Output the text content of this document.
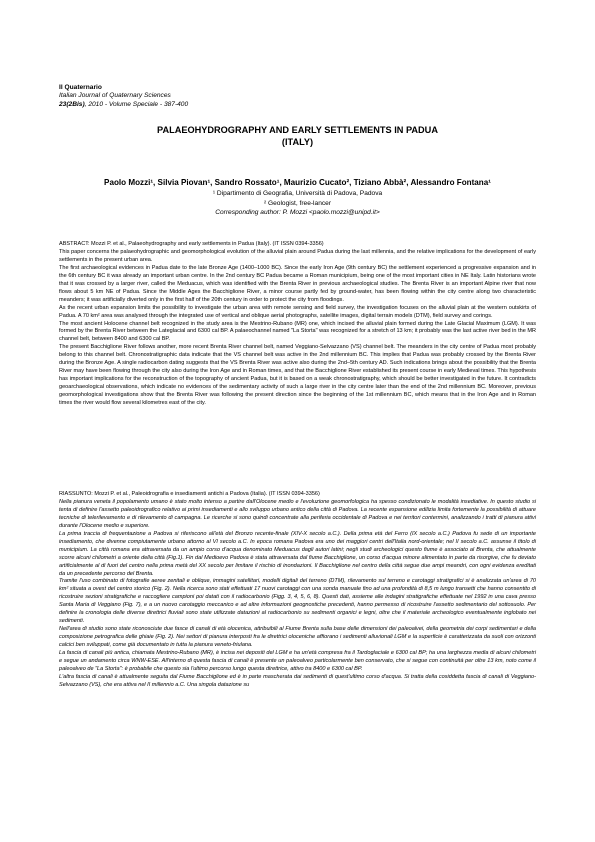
Il Quaternario
Italian Journal of Quaternary Sciences
23(2Bis), 2010 - Volume Speciale - 387-400
PALAEOHYDROGRAPHY AND EARLY SETTLEMENTS IN PADUA
(ITALY)
Paolo Mozzi¹, Silvia Piovan¹, Sandro Rossato¹, Maurizio Cucato², Tiziano Abbà², Alessandro Fontana¹
¹ Dipartimento di Geografia, Università di Padova, Padova
² Geologist, free-lancer
Corresponding author: P. Mozzi <paolo.mozzi@unipd.it>

ABSTRACT: Mozzi P. et al., Palaeohydrography and early settlements in Padua (Italy). (IT ISSN 0394-3356)

This paper concerns the palaeohydrographic and geomorphological evolution of the alluvial plain around Padua during the last millennia, and the relative implications for the development of early settlements in the present urban area.

The first archaeological evidences in Padua date to the late Bronze Age (1400–1000 BC). Since the early Iron Age (9th century BC) the settlement experienced a progressive expansion and in the 6th century BC it was already an important urban centre. In the 2nd century BC Padua became a Roman municipium, being one of the most important cities in NE Italy. Latin historians wrote that it was crossed by a larger river, called the Meduacus, which was identified with the Brenta River in previous archaeological studies. The Brenta River is an important Alpine river that now flows about 5 km NE of Padua. Since the Middle Ages the Bacchiglione River, a minor course partly fed by ground-water, has been flowing within the city centre along two characteristic meanders; it was artificially diverted only in the first half of the 20th century in order to protect the city from floodings.

As the recent urban expansion limits the possibility to investigate the urban area with remote sensing and field survey, the investigation focuses on the alluvial plain at the western outskirts of Padua. A 70 km² area was analysed through the integrated use of vertical and oblique aerial photographs, satellite images, digital terrain models (DTM), field survey and corings.

The most ancient Holocene channel belt recognized in the study area is the Mestrino-Rubano (MR) one, which incised the alluvial plain formed during the Late Glacial Maximum (LGM). It was formed by the Brenta River between the Lateglacial and 6300 cal BP. A palaeochannel named "La Storta" was recognized for a stretch of 13 km; it probably was the last active river bed in the MR channel belt, between 8400 and 6300 cal BP.

The present Bacchiglione River follows another, more recent Brenta River channel belt, named Veggiano-Selvazzano (VS) channel belt. The meanders in the city centre of Padua most probably belong to this channel belt. Chronostratigraphic data indicate that the VS channel belt was active in the 2nd millennium BC. This implies that Padua was probably crossed by the Brenta River during the Bronze Age. A single radiocarbon dating suggests that the VS Brenta River was active also during the 2nd–5th century AD. Such indications brings about the possibility that the Brenta River may have been flowing through the city also during the Iron Age and in Roman times, and that the Bacchiglione River established its present course in early Medieval times. This hypothesis has important implications for the reconstruction of the topography of ancient Padua, but it is based on a weak chronostratigraphy, which should be better investigated in the future. It contradicts geoarchaeological observations, which indicate no evidences of the sedimentary activity of such a large river in the city centre later than the end of the 2nd millennium BC. Moreover, previous geomorphological investigations show that the Brenta River was following the present direction since the beginning of the 1st millennium BC, which means that in the Iron Age and in Roman times the river would flow several kilometres east of the city.

RIASSUNTO: Mozzi P. et al., Paleoidrografia e insediamenti antichi a Padova (Italia). (IT ISSN 0394-3356)

Nella pianura veneta il popolamento umano è stato molto intenso a partire dall'Olocene medio e l'evoluzione geomorfologica ha spesso condizionato le modalità insediative. In questo studio si tenta di definire l'assetto paleoidrografico relativo ai primi insediamenti e allo sviluppo urbano antico della città di Padova. La recente espansione edilizia limita fortemente la possibilità di attuare tecniche di telerilevamento e di rilevamento di campagna. Le ricerche si sono quindi concentrate alla periferia occidentale di Padova e nei territori contermini, analizzando i tratti di pianura attivi durante l'Olocene medio e superiore.

La prima traccia di frequentazione a Padova si riferiscono all'età del Bronzo recente-finale (XIV-X secolo a.C.). Della prima età del Ferro (IX secolo a.C.) Padova fu sede di un importante insediamento, che divenne compiutamente urbano attorno al VI secolo a.C. In epoca romana Padova era uno dei maggiori centri dell'Italia nord-orientale; nel II secolo a.C. assunse il titolo di municipium. La città romana era attraversata da un ampio corso d'acqua denominato Meduacus dagli autori latini; negli studi archeologici questo fiume è associato al Brenta, che attualmente scorre alcuni chilometri a oriente della città (Fig.1). Fin dal Medioevo Padova è stata attraversata dal fiume Bacchiglione, un corso d'acqua minore alimentato in parte da risorgive, che fu deviato artificialmente al di fuori del centro nella prima metà del XX secolo per limitare il rischio di inondazioni. Il Bacchiglione nel centro della città segue due ampi meandri, con ogni evidenza ereditati da un precedente percorso del Brenta.

Tramite l'uso combinato di fotografie aeree zenitali e oblique, immagini satellitari, modelli digitali del terreno (DTM), rilevamento sul terreno e carotaggi stratigrafici si è analizzata un'area di 70 km² situata a ovest del centro storico (Fig. 2). Nella ricerca sono stati effettuati 17 nuovi carotaggi con una sonda manuale fino ad una profondità di 8,5 m lungo transetti che hanno consentito di ricostruire sezioni stratigrafiche e raccogliere campioni poi datati con il radiocarbonio (Figg. 3, 4, 5, 6, 8). Questi dati, assieme alle indagini stratigrafiche effettuate nel 1992 in una cava presso Santa Maria di Veggiano (Fig. 7), e a un nuovo carotaggio meccanico e ad altre informazioni geognostiche precedenti, hanno permesso di ricostruire l'assetto sedimentario del sottosuolo. Per definire la cronologia delle diverse direttrici fluviali sono state utilizzate datazioni al radiocarbonio su sedimenti organici e legni, oltre che il materiale archeologico eventualmente inglobato nei sedimenti.

Nell'area di studio sono state riconosciute due fasce di canali di età olocenica, attribuibili al Fiume Brenta sulla base delle dimensioni dei paleoalvei, della geometria dei corpi sedimentari e della composizione petrografica delle ghiaie (Fig. 2). Nei settori di pianura interposti fra le direttrici oloceniche affiorano i sedimenti alluvionali LGM e la superficie è caratterizzata da suoli con orizzonti calcici ben sviluppati, come già documentato in tutta la pianura veneto-friulana.

La fascia di canali più antica, chiamata Mestrino-Rubano (MR), è incisa nei depositi del LGM e ha un'età compresa fra il Tardoglaciale e 6300 cal BP; ha una larghezza media di alcuni chilometri e segue un andamento circa WNW-ESE. All'interno di questa fascia di canali è presente un paleoalveo particolarmente ben conservato, che si segue con continuità per oltre 13 km, noto come il paleoalveo de "La Storta": è probabile che questo sia l'ultimo percorso lungo questa direttrice, attivo tra 8400 e 6300 cal BP.

L'altra fascia di canali è attualmente seguita dal Fiume Bacchiglione ed è in parte mascherata dai sedimenti di quest'ultimo corso d'acqua. Si tratta della cosiddetta fascia di canali di Veggiano-Selvazzano (VS), che era attiva nel II millennio a.C. Una singola datazione su
